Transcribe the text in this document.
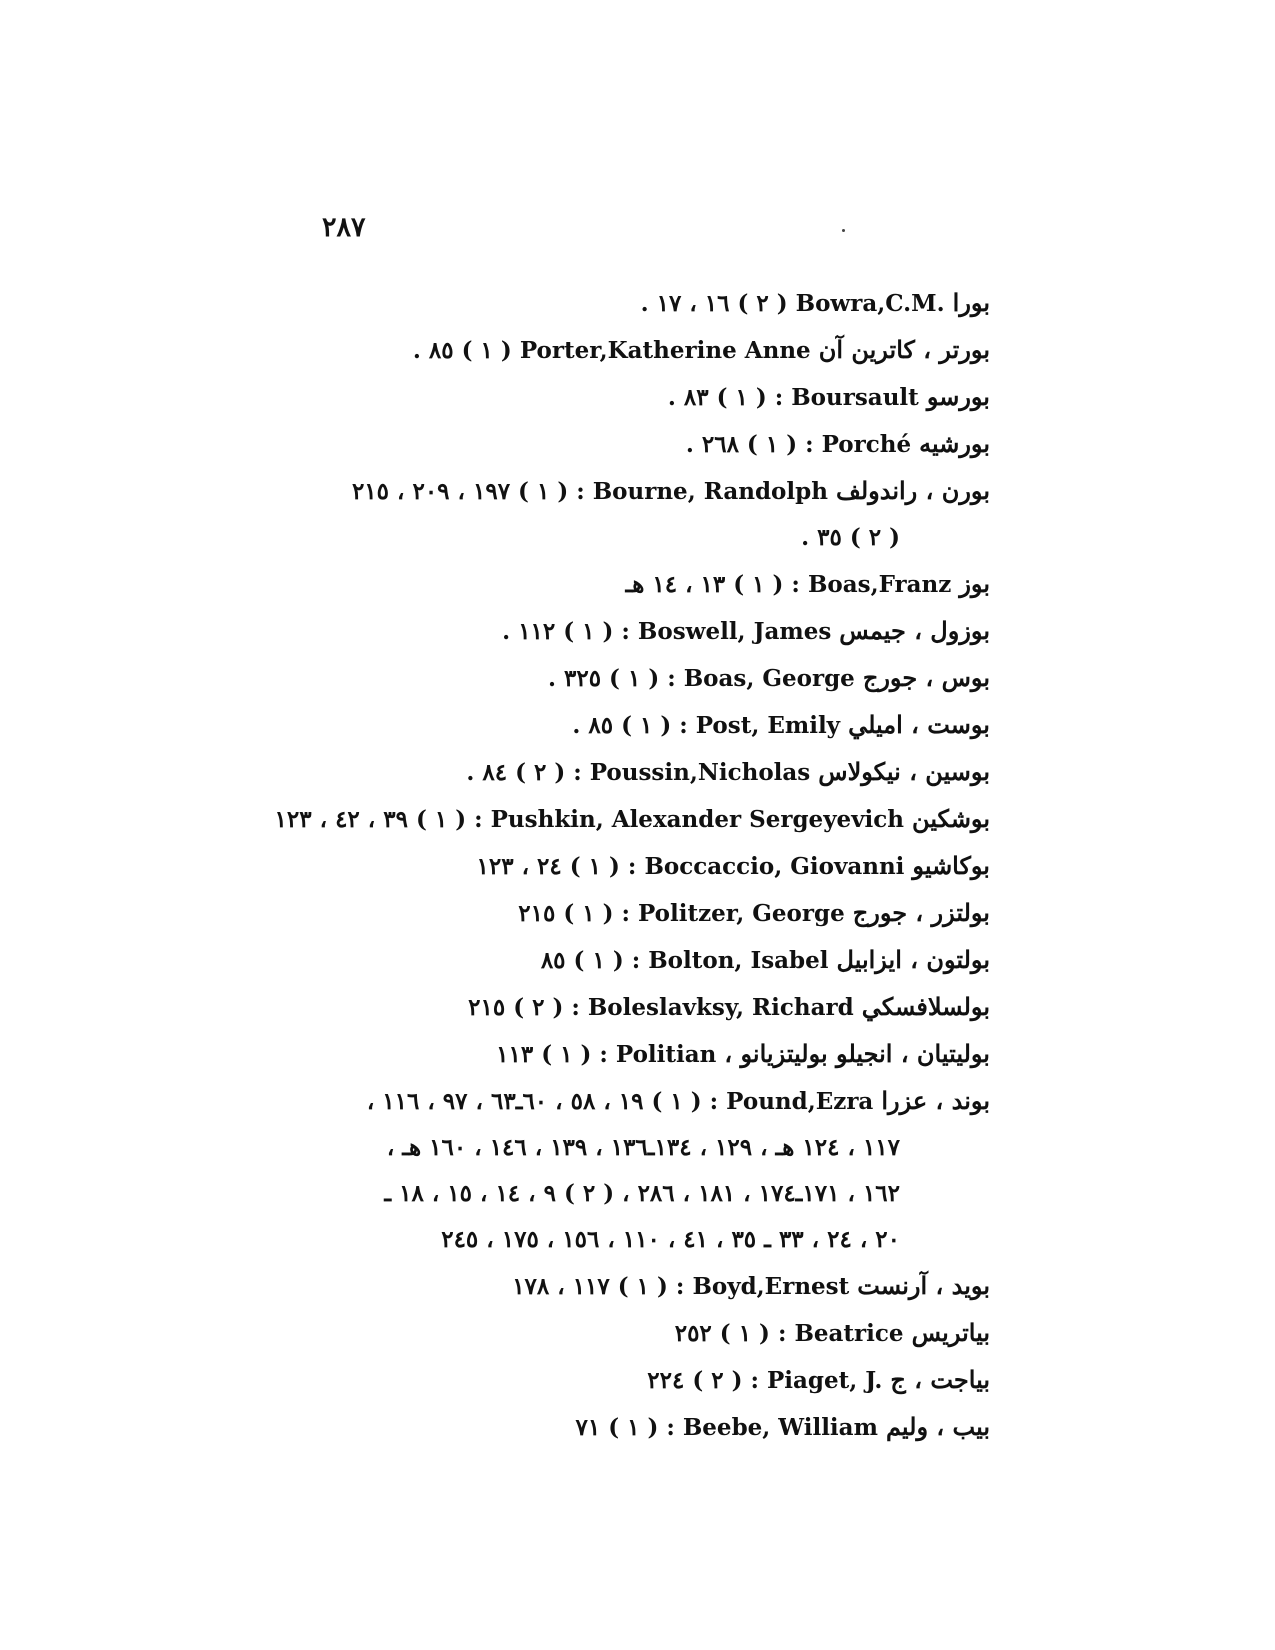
٢٨٧
بورا Bowra,C.M. ( ٢ ) ١٦ ، ١٧ .
بورتر ، كاترين آن Porter,Katherine Anne ( ١ ) ٨٥ .
بورسو Boursault : ( ١ ) ٨٣ .
بورشيه Porché : ( ١ ) ٢٦٨ .
بورن ، راندولف Bourne, Randolph : ( ١ ) ١٩٧ ، ٢٠٩ ، ٢١٥
( ٢ ) ٣٥ .
بوز Boas,Franz : ( ١ ) ١٣ ، ١٤ هـ
بوزول ، جيمس Boswell, James : ( ١ ) ١١٢ .
بوس ، جورج Boas, George : ( ١ ) ٣٢٥ .
بوست ، اميلي Post, Emily : ( ١ ) ٨٥ .
بوسين ، نيكولاس Poussin,Nicholas : ( ٢ ) ٨٤ .
بوشكين Pushkin, Alexander Sergeyevich : ( ١ ) ٣٩ ، ٤٢ ، ١٢٣
بوكاشيو Boccaccio, Giovanni : ( ١ ) ٢٤ ، ١٢٣
بولتزر ، جورج Politzer, George : ( ١ ) ٢١٥
بولتون ، ايزابيل Bolton, Isabel : ( ١ ) ٨٥
بولسلافسكي Boleslavksy, Richard : ( ٢ ) ٢١٥
بوليتيان ، انجيلو بوليتزيانو ، Politian : ( ١ ) ١١٣
بوند ، عزرا Pound,Ezra : ( ١ ) ١٩ ، ٥٨ ، ٦٠ـ٦٣ ، ٩٧ ، ١١٦ ،
١١٧ ، ١٢٤ هـ ، ١٢٩ ، ١٣٤ـ١٣٦ ، ١٣٩ ، ١٤٦ ، ١٦٠ هـ ،
١٦٢ ، ١٧١ـ١٧٤ ، ١٨١ ، ٢٨٦ ، ( ٢ ) ٩ ، ١٤ ، ١٥ ، ١٨ ـ
٢٠ ، ٢٤ ، ٣٣ ـ ٣٥ ، ٤١ ، ١١٠ ، ١٥٦ ، ١٧٥ ، ٢٤٥
بويد ، آرنست Boyd,Ernest : ( ١ ) ١١٧ ، ١٧٨
بياتريس Beatrice : ( ١ ) ٢٥٢
بياجت ، ج Piaget, J. : ( ٢ ) ٢٢٤
بيب ، وليم Beebe, William : ( ١ ) ٧١
